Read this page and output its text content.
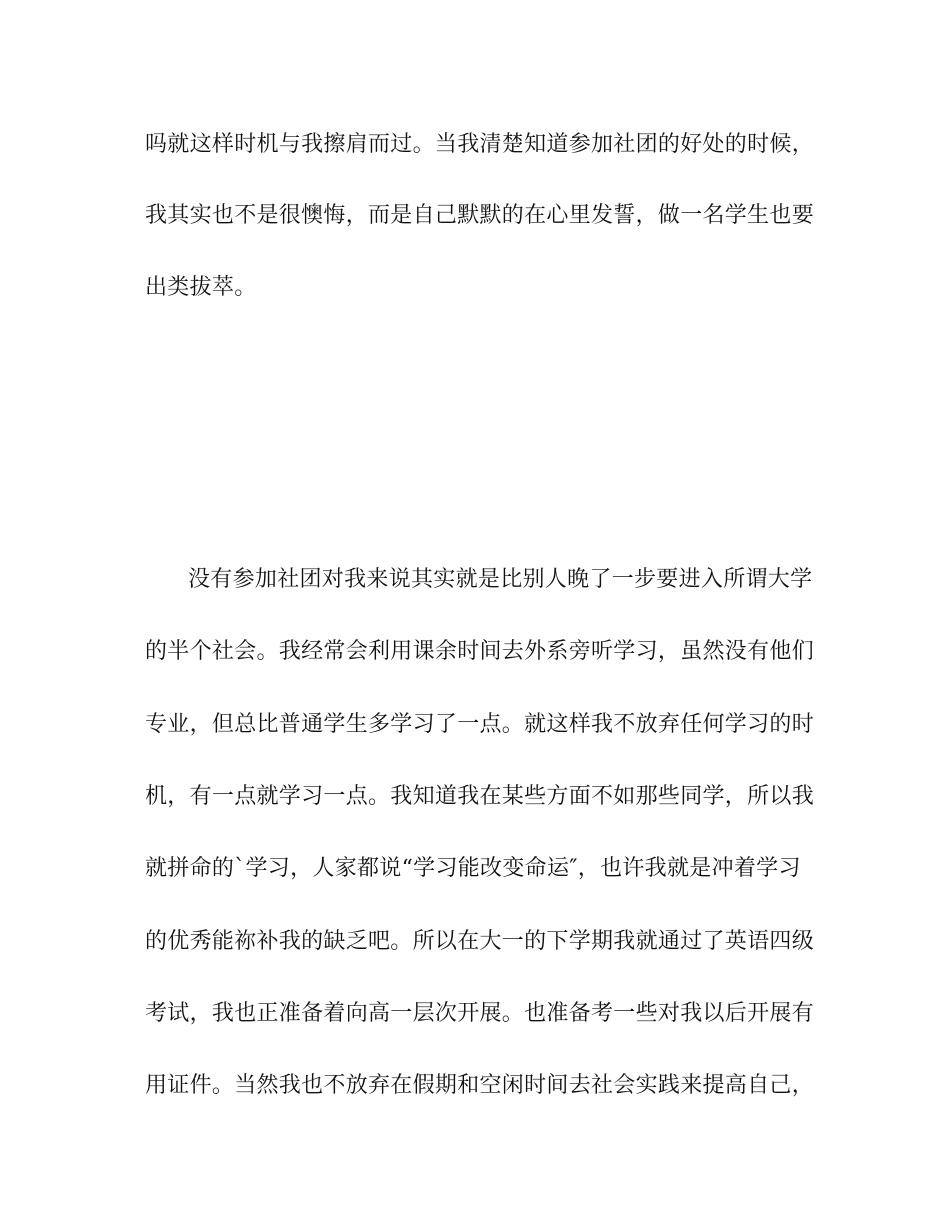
吗就这样时机与我擦肩而过。当我清楚知道参加社团的好处的时候，
我其实也不是很懊悔，而是自己默默的在心里发誓，做一名学生也要
出类拔萃。
没有参加社团对我来说其实就是比别人晚了一步要进入所谓大学
的半个社会。我经常会利用课余时间去外系旁听学习，虽然没有他们
专业，但总比普通学生多学习了一点。就这样我不放弃任何学习的时
机，有一点就学习一点。我知道我在某些方面不如那些同学，所以我
就拼命的`学习，人家都说“学习能改变命运″，也许我就是冲着学习
的优秀能祢补我的缺乏吧。所以在大一的下学期我就通过了英语四级
考试，我也正准备着向高一层次开展。也准备考一些对我以后开展有
用证件。当然我也不放弃在假期和空闲时间去社会实践来提高自己，
